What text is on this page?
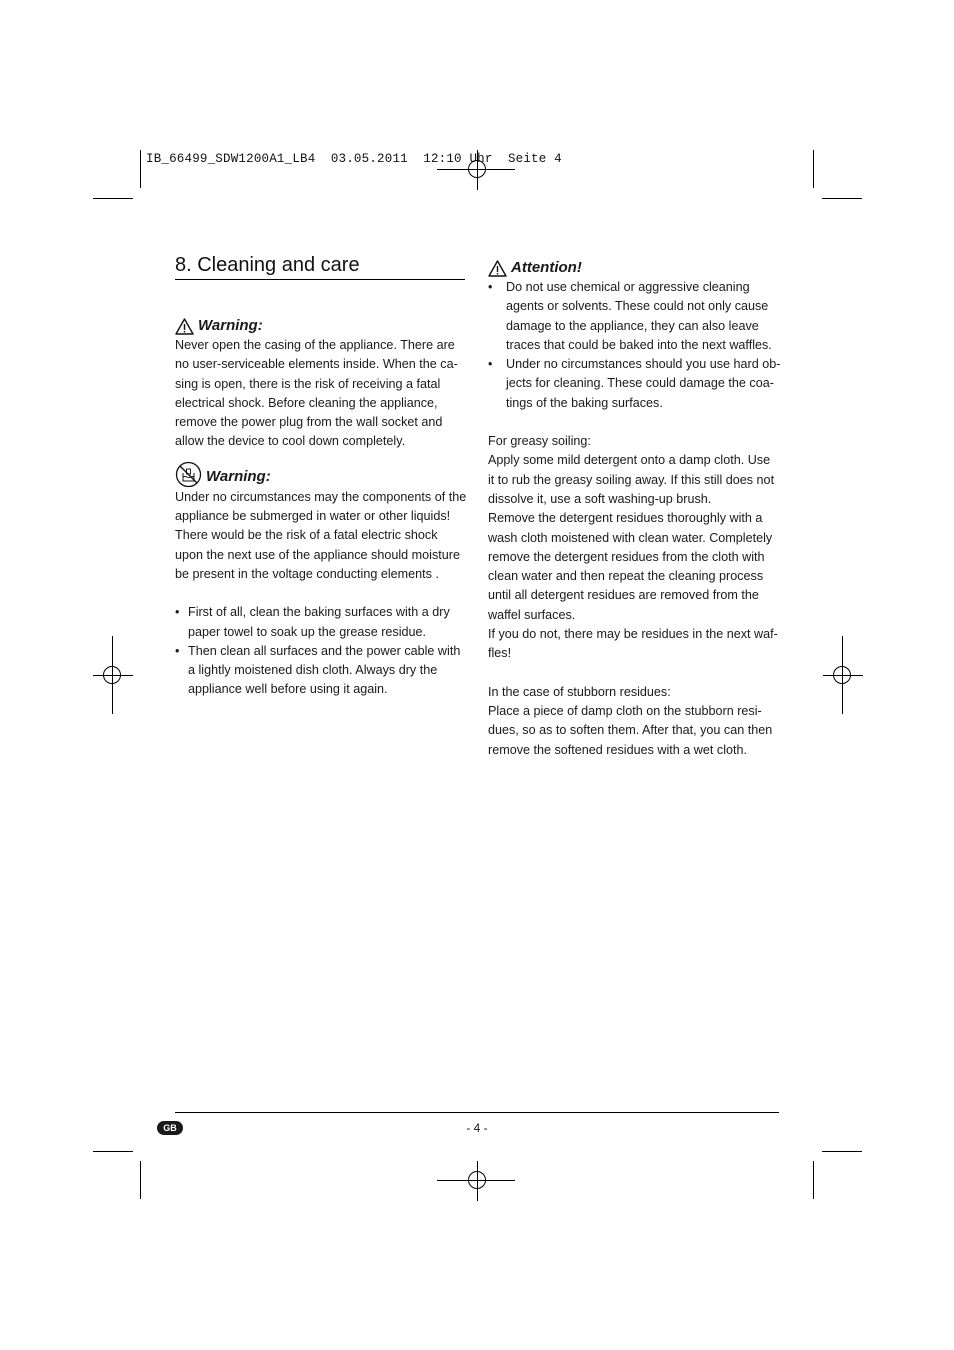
IB_66499_SDW1200A1_LB4  03.05.2011  12:10 Uhr  Seite 4
8. Cleaning and care
Warning:

Never open the casing of the appliance. There are

no user-serviceable elements inside. When the ca-

sing is open, there is the risk of receiving a fatal

electrical shock. Before cleaning the appliance,

remove the power plug from the wall socket and

allow the device to cool down completely.

Warning:

Under no circumstances may the components of the

appliance be submerged in water or other liquids!

There would be the risk of a fatal electric shock

upon the next use of the appliance should moisture

be present in the voltage conducting elements .

• First of all, clean the baking surfaces with a dry

paper towel to soak up the grease residue.

• Then clean all surfaces and the power cable with

a lightly moistened dish cloth. Always dry the

appliance well before using it again.

Attention!

• Do not use chemical or aggressive cleaning

agents or solvents. These could not only cause

damage to the appliance, they can also leave

traces that could be baked into the next waffles.

• Under no circumstances should you use hard ob-

jects for cleaning. These could damage the coa-

tings of the baking surfaces.

For greasy soiling:

Apply some mild detergent onto a damp cloth. Use

it to rub the greasy soiling away. If this still does not

dissolve it, use a soft washing-up brush.

Remove the detergent residues thoroughly with a

wash cloth moistened with clean water. Completely

remove the detergent residues from the cloth with

clean water and then repeat the cleaning process

until all detergent residues are removed from the

waffel surfaces.

If you do not, there may be residues in the next waf-

fles!

In the case of stubborn residues:

Place a piece of damp cloth on the stubborn resi-

dues, so as to soften them. After that, you can then

remove the softened residues with a wet cloth.

GB	- 4 -
